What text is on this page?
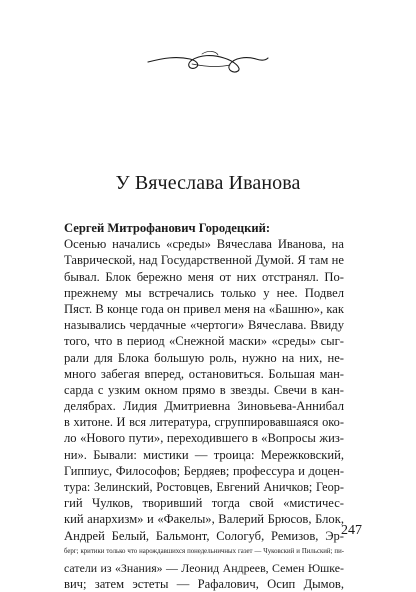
У Вячеслава Иванова
Сергей Митрофанович Городецкий:
Осенью начались «среды» Вячеслава Иванова, на
Таврической, над Государственной Думой. Я там не
бывал. Блок бережно меня от них отстранял. По-
прежнему мы встречались только у нее. Подвел
Пяст. В конце года он привел меня на «Башню», как
назывались чердачные «чертоги» Вячеслава. Ввиду
того, что в период «Снежной маски» «среды» сыг-
рали для Блока большую роль, нужно на них, не-
много забегая вперед, остановиться. Большая ман-
сарда с узким окном прямо в звезды. Свечи в кан-
делябрах. Лидия Дмитриевна Зиновьева-Аннибал
в хитоне. И вся литература, сгруппировавшаяся око-
ло «Нового пути», переходившего в «Вопросы жиз-
ни». Бывали: мистики — троица: Мережковский,
Гиппиус, Философов; Бердяев; профессура и доцен-
тура: Зелинский, Ростовцев, Евгений Аничков; Геор-
гий Чулков, творивший тогда свой «мистичес-
кий анархизм» и «Факелы», Валерий Брюсов, Блок,
Андрей Белый, Бальмонт, Сологуб, Ремизов, Эр-
берг; критики только что нарождавшихся понедельничных газет — Чуковский и Пильский; пи-
сатели из «Знания» — Леонид Андреев, Семен Юшке-
вич; затем эстеты — Рафалович, Осип Дымов,
247
